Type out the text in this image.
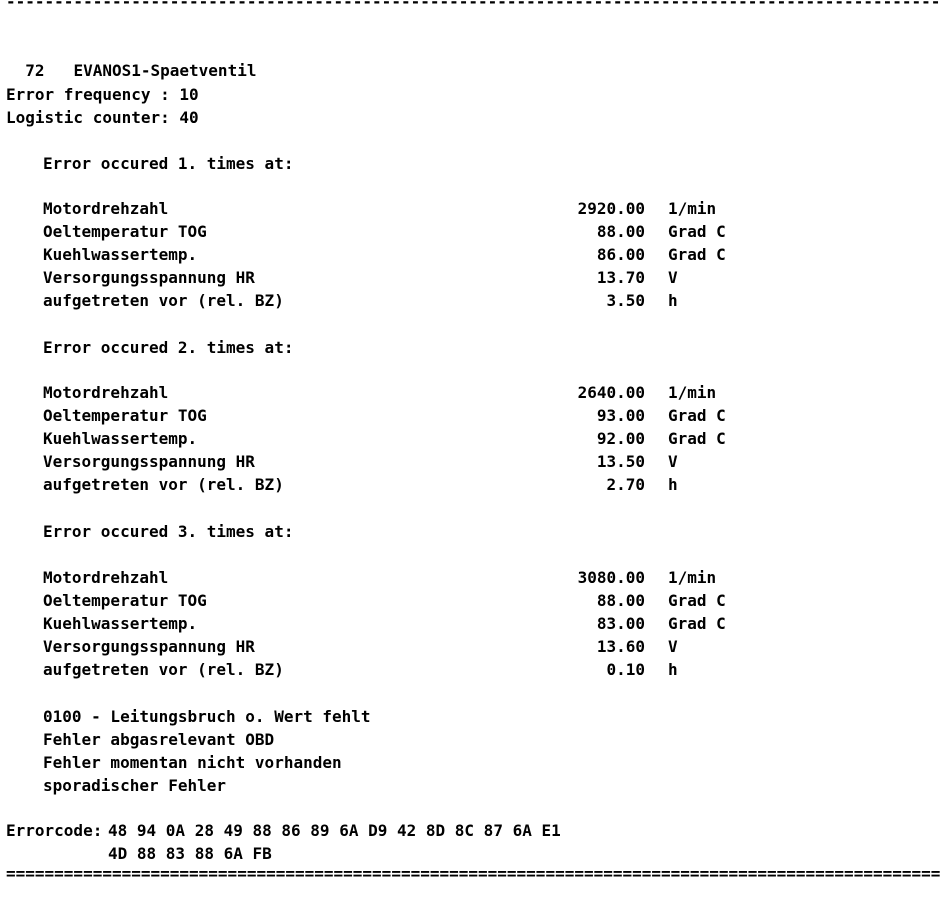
-------------------------------------------------------------------------------------------------

72 EVANOS1-Spaetventil

Error frequency : 10
Logistic counter: 40
Error occured 1. times at:
Motordrehzahl	2920.00 1/min
Oeltemperatur TOG	88.00 Grad C
Kuehlwassertemp.	86.00 Grad C
Versorgungsspannung HR	13.70 V
aufgetreten vor (rel. BZ)	3.50 h
Error occured 2. times at:
Motordrehzahl	2640.00 1/min
Oeltemperatur TOG	93.00 Grad C
Kuehlwassertemp.	92.00 Grad C
Versorgungsspannung HR	13.50 V
aufgetreten vor (rel. BZ)	2.70 h
Error occured 3. times at:
Motordrehzahl	3080.00 1/min
Oeltemperatur TOG	88.00 Grad C
Kuehlwassertemp.	83.00 Grad C
Versorgungsspannung HR	13.60 V
aufgetreten vor (rel. BZ)	0.10 h
0100 - Leitungsbruch o. Wert fehlt
Fehler abgasrelevant OBD
Fehler momentan nicht vorhanden
sporadischer Fehler
Errorcode: 48 94 0A 28 49 88 86 89 6A D9 42 8D 8C 87 6A E1
4D 88 83 88 6A FB
=================================================================================================
